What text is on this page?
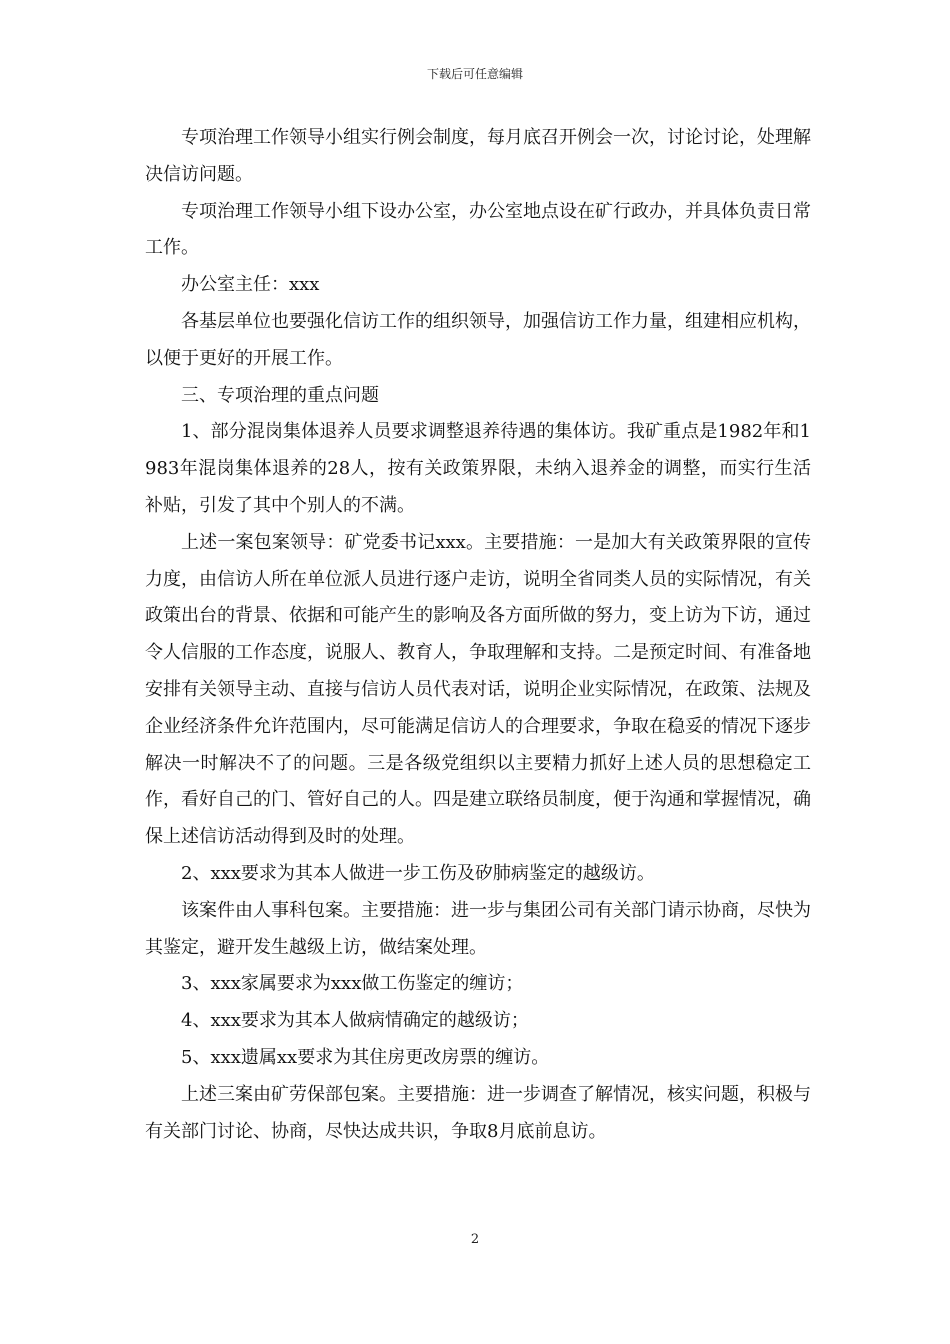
下载后可任意编辑

专项治理工作领导小组实行例会制度，每月底召开例会一次，讨论讨论，处理解决信访问题。

专项治理工作领导小组下设办公室，办公室地点设在矿行政办，并具体负责日常工作。

办公室主任：xxx

各基层单位也要强化信访工作的组织领导，加强信访工作力量，组建相应机构，以便于更好的开展工作。

三、专项治理的重点问题

1、部分混岗集体退养人员要求调整退养待遇的集体访。我矿重点是1982年和1983年混岗集体退养的28人，按有关政策界限，未纳入退养金的调整，而实行生活补贴，引发了其中个别人的不满。

上述一案包案领导：矿党委书记xxx。主要措施：一是加大有关政策界限的宣传力度，由信访人所在单位派人员进行逐户走访，说明全省同类人员的实际情况，有关政策出台的背景、依据和可能产生的影响及各方面所做的努力，变上访为下访，通过令人信服的工作态度，说服人、教育人，争取理解和支持。二是预定时间、有准备地安排有关领导主动、直接与信访人员代表对话，说明企业实际情况，在政策、法规及企业经济条件允许范围内，尽可能满足信访人的合理要求，争取在稳妥的情况下逐步解决一时解决不了的问题。三是各级党组织以主要精力抓好上述人员的思想稳定工作，看好自己的门、管好自己的人。四是建立联络员制度，便于沟通和掌握情况，确保上述信访活动得到及时的处理。

2、xxx要求为其本人做进一步工伤及矽肺病鉴定的越级访。

该案件由人事科包案。主要措施：进一步与集团公司有关部门请示协商，尽快为其鉴定，避开发生越级上访，做结案处理。

3、xxx家属要求为xxx做工伤鉴定的缠访；

4、xxx要求为其本人做病情确定的越级访；

5、xxx遗属xx要求为其住房更改房票的缠访。

上述三案由矿劳保部包案。主要措施：进一步调查了解情况，核实问题，积极与有关部门讨论、协商，尽快达成共识，争取8月底前息访。

2
